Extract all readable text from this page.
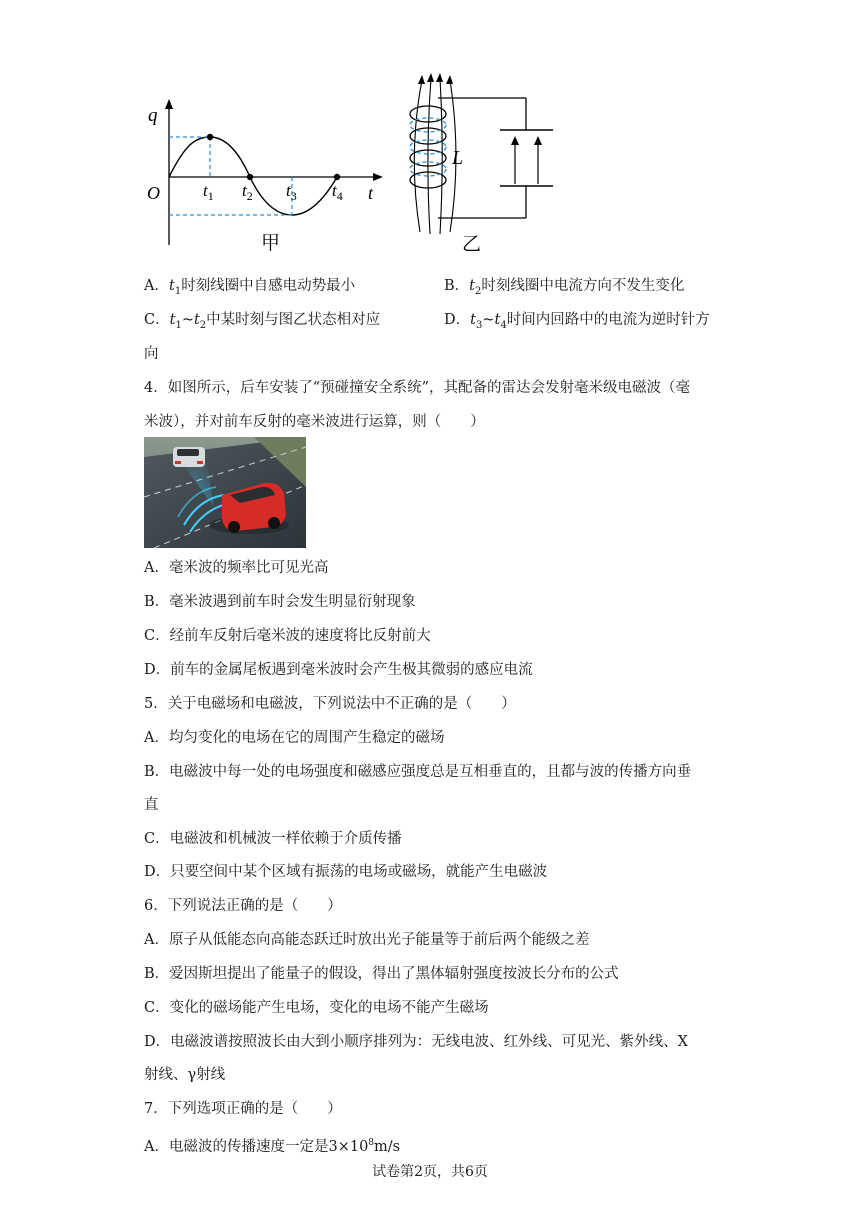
q
O	t
$t_1$ $t_2$ $t_3$ $t_4$
甲
L
乙
A．$t_1$时刻线圈中自感电动势最小	B．$t_2$时刻线圈中电流方向不发生变化
C．$t_1\sim t_2$中某时刻与图乙状态相对应	D．$t_3\sim t_4$时间内回路中的电流为逆时针方
向
4．如图所示，后车安装了“预碰撞安全系统”，其配备的雷达会发射毫米级电磁波（毫
米波），并对前车反射的毫米波进行运算，则（　　）
A．毫米波的频率比可见光高
B．毫米波遇到前车时会发生明显衍射现象
C．经前车反射后毫米波的速度将比反射前大
D．前车的金属尾板遇到毫米波时会产生极其微弱的感应电流
5．关于电磁场和电磁波，下列说法中不正确的是（　　）
A．均匀变化的电场在它的周围产生稳定的磁场
B．电磁波中每一处的电场强度和磁感应强度总是互相垂直的，且都与波的传播方向垂
直
C．电磁波和机械波一样依赖于介质传播
D．只要空间中某个区域有振荡的电场或磁场，就能产生电磁波
6．下列说法正确的是（　　）
A．原子从低能态向高能态跃迁时放出光子能量等于前后两个能级之差
B．爱因斯坦提出了能量子的假设，得出了黑体辐射强度按波长分布的公式
C．变化的磁场能产生电场，变化的电场不能产生磁场
D．电磁波谱按照波长由大到小顺序排列为：无线电波、红外线、可见光、紫外线、X
射线、γ射线
7．下列选项正确的是（　　）
A．电磁波的传播速度一定是$3\times 10^8m/s$
试卷第2页，共6页
